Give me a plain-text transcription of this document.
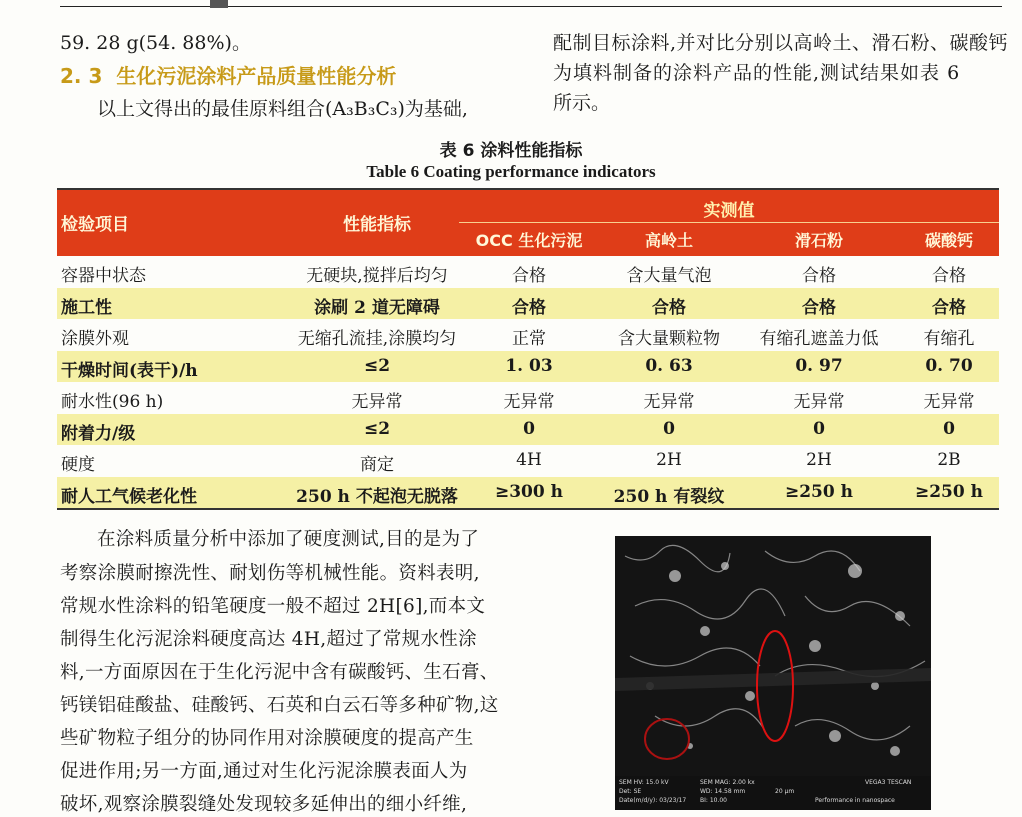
59. 28 g(54. 88%)。
2. 3 生化污泥涂料产品质量性能分析
以上文得出的最佳原料组合(A₃B₃C₃)为基础,
配制目标涂料,并对比分别以高岭土、滑石粉、碳酸钙
为填料制备的涂料产品的性能,测试结果如表 6
所示。
表 6 涂料性能指标
Table 6 Coating performance indicators
检验项目	性能指标
实测值
OCC 生化污泥	高岭土	滑石粉	碳酸钙
容器中状态	无硬块,搅拌后均匀	合格	含大量气泡	合格	合格
施工性	涂刷 2 道无障碍	合格	合格	合格	合格
涂膜外观	无缩孔流挂,涂膜均匀	正常	含大量颗粒物	有缩孔遮盖力低	有缩孔
干燥时间(表干)/h	≤2	1. 03	0. 63	0. 97	0. 70
耐水性(96 h)	无异常	无异常	无异常	无异常	无异常
附着力/级	≤2	0	0	0	0
硬度	商定	4H	2H	2H	2B
耐人工气候老化性	250 h 不起泡无脱落	≥300 h	250 h 有裂纹	≥250 h	≥250 h
在涂料质量分析中添加了硬度测试,目的是为了
考察涂膜耐擦洗性、耐划伤等机械性能。资料表明,
常规水性涂料的铅笔硬度一般不超过 2H[6],而本文
制得生化污泥涂料硬度高达 4H,超过了常规水性涂
料,一方面原因在于生化污泥中含有碳酸钙、生石膏、
钙镁铝硅酸盐、硅酸钙、石英和白云石等多种矿物,这
些矿物粒子组分的协同作用对涂膜硬度的提高产生
促进作用;另一方面,通过对生化污泥涂膜表面人为
破坏,观察涂膜裂缝处发现较多延伸出的细小纤维,
SEM HV: 15.0 kV	SEM MAG: 2.00 kx	VEGA3 TESCAN
Det: SE	WD: 14.58 mm	20 μm
Date(m/d/y): 03/23/17 BI: 10.00	Performance in nanospace
